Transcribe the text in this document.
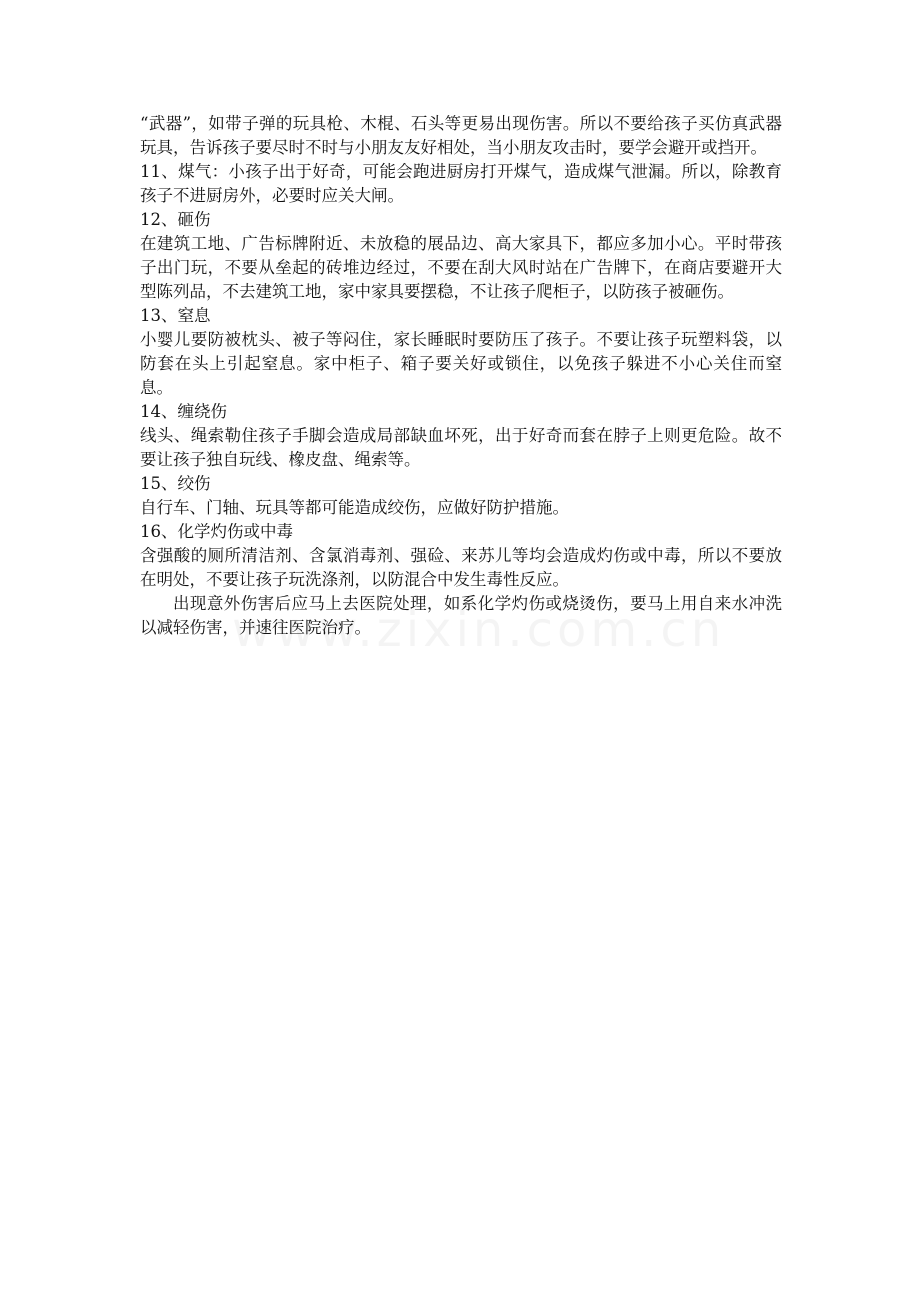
“武器”，如带子弹的玩具枪、木棍、石头等更易出现伤害。所以不要给孩子买仿真武器玩具，告诉孩子要尽时不时与小朋友友好相处，当小朋友攻击时，要学会避开或挡开。

11、煤气：小孩子出于好奇，可能会跑进厨房打开煤气，造成煤气泄漏。所以，除教育孩子不进厨房外，必要时应关大闸。

12、砸伤

在建筑工地、广告标牌附近、未放稳的展品边、高大家具下，都应多加小心。平时带孩子出门玩，不要从垒起的砖堆边经过，不要在刮大风时站在广告牌下，在商店要避开大型陈列品，不去建筑工地，家中家具要摆稳，不让孩子爬柜子，以防孩子被砸伤。

13、窒息

小婴儿要防被枕头、被子等闷住，家长睡眠时要防压了孩子。不要让孩子玩塑料袋，以防套在头上引起窒息。家中柜子、箱子要关好或锁住，以免孩子躲进不小心关住而窒息。

14、缠绕伤

线头、绳索勒住孩子手脚会造成局部缺血坏死，出于好奇而套在脖子上则更危险。故不要让孩子独自玩线、橡皮盘、绳索等。

15、绞伤

自行车、门轴、玩具等都可能造成绞伤，应做好防护措施。

16、化学灼伤或中毒

含强酸的厕所清洁剂、含氯消毒剂、强硷、来苏儿等均会造成灼伤或中毒，所以不要放在明处，不要让孩子玩洗涤剂，以防混合中发生毒性反应。

出现意外伤害后应马上去医院处理，如系化学灼伤或烧烫伤，要马上用自来水冲洗以减轻伤害，并速往医院治疗。
